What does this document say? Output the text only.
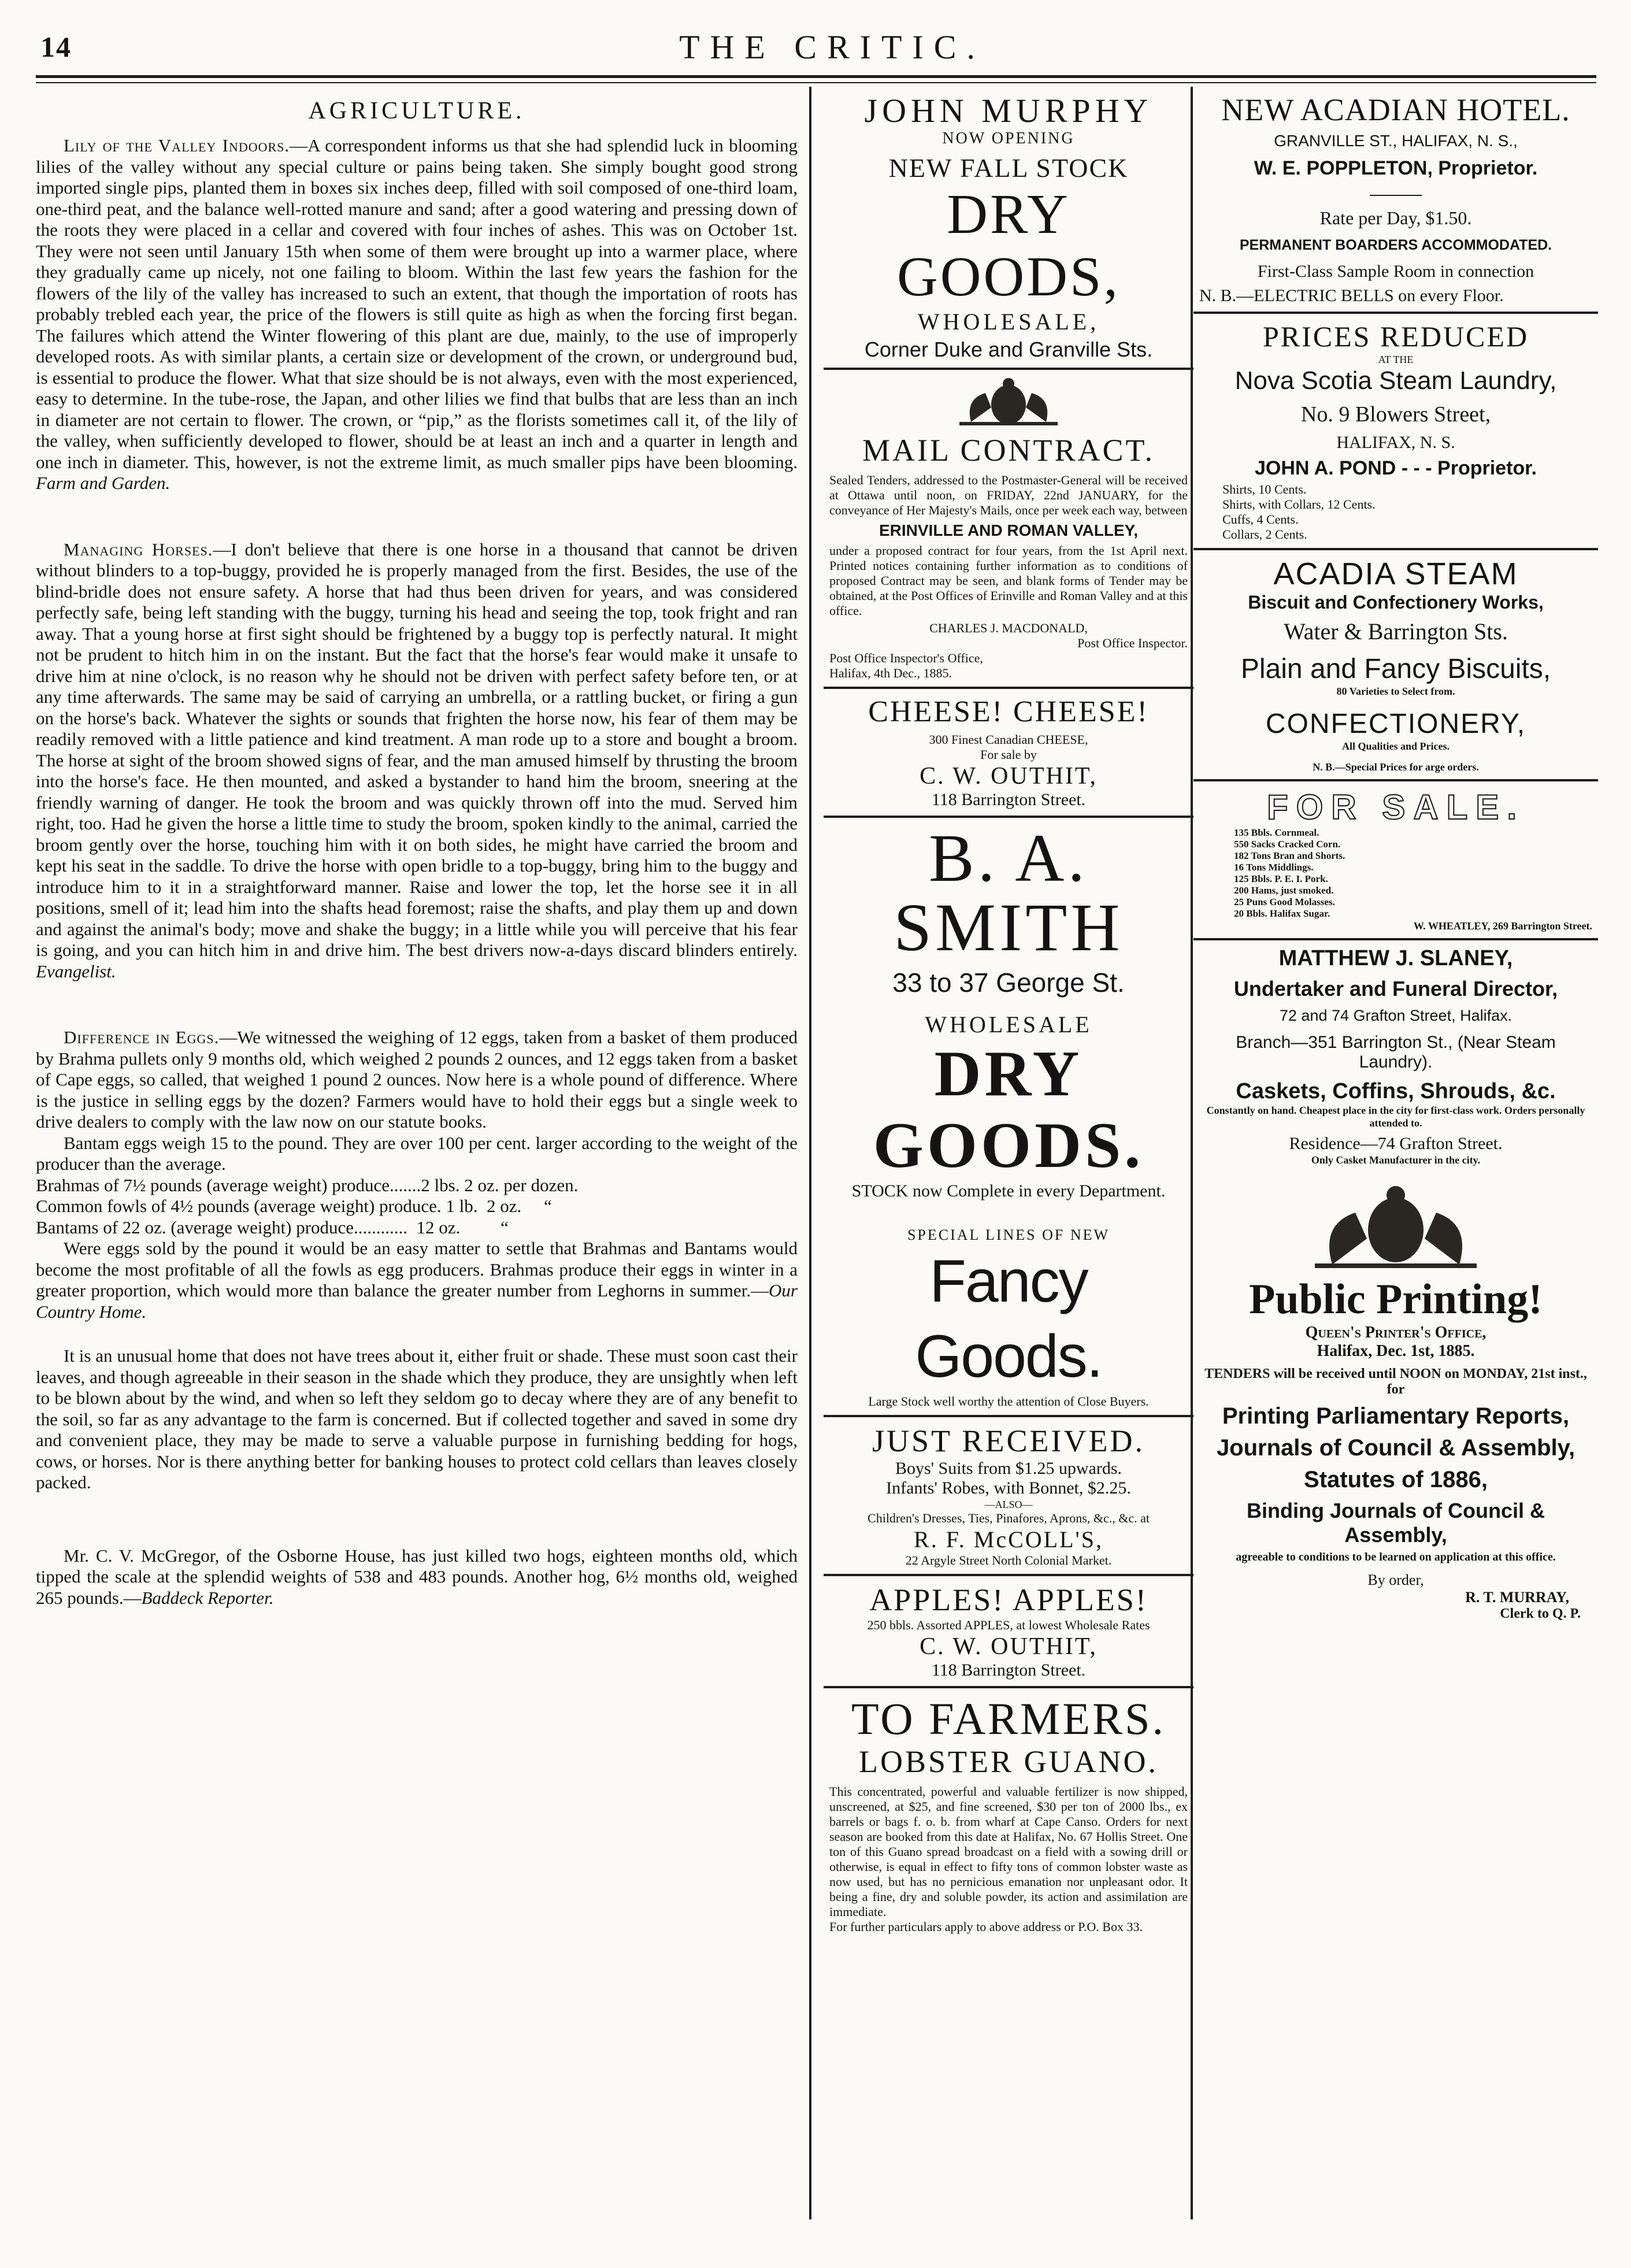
14	THE CRITIC.
AGRICULTURE.

Lily of the Valley Indoors.—A correspondent informs us that she had splendid luck in blooming lilies of the valley without any special culture or pains being taken. She simply bought good strong imported single pips, planted them in boxes six inches deep, filled with soil composed of one-third loam, one-third peat, and the balance well-rotted manure and sand; after a good watering and pressing down of the roots they were placed in a cellar and covered with four inches of ashes. This was on October 1st. They were not seen until January 15th when some of them were brought up into a warmer place, where they gradually came up nicely, not one failing to bloom. Within the last few years the fashion for the flowers of the lily of the valley has increased to such an extent, that though the importation of roots has probably trebled each year, the price of the flowers is still quite as high as when the forcing first began. The failures which attend the Winter flowering of this plant are due, mainly, to the use of improperly developed roots. As with similar plants, a certain size or development of the crown, or underground bud, is essential to produce the flower. What that size should be is not always, even with the most experienced, easy to determine. In the tube-rose, the Japan, and other lilies we find that bulbs that are less than an inch in diameter are not certain to flower. The crown, or “pip,” as the florists sometimes call it, of the lily of the valley, when sufficiently developed to flower, should be at least an inch and a quarter in length and one inch in diameter. This, however, is not the extreme limit, as much smaller pips have been blooming. Farm and Garden.

Managing Horses.—I don't believe that there is one horse in a thousand that cannot be driven without blinders to a top-buggy, provided he is properly managed from the first. Besides, the use of the blind-bridle does not ensure safety. A horse that had thus been driven for years, and was considered perfectly safe, being left standing with the buggy, turning his head and seeing the top, took fright and ran away. That a young horse at first sight should be frightened by a buggy top is perfectly natural. It might not be prudent to hitch him in on the instant. But the fact that the horse's fear would make it unsafe to drive him at nine o'clock, is no reason why he should not be driven with perfect safety before ten, or at any time afterwards. The same may be said of carrying an umbrella, or a rattling bucket, or firing a gun on the horse's back. Whatever the sights or sounds that frighten the horse now, his fear of them may be readily removed with a little patience and kind treatment. A man rode up to a store and bought a broom. The horse at sight of the broom showed signs of fear, and the man amused himself by thrusting the broom into the horse's face. He then mounted, and asked a bystander to hand him the broom, sneering at the friendly warning of danger. He took the broom and was quickly thrown off into the mud. Served him right, too. Had he given the horse a little time to study the broom, spoken kindly to the animal, carried the broom gently over the horse, touching him with it on both sides, he might have carried the broom and kept his seat in the saddle. To drive the horse with open bridle to a top-buggy, bring him to the buggy and introduce him to it in a straightforward manner. Raise and lower the top, let the horse see it in all positions, smell of it; lead him into the shafts head foremost; raise the shafts, and play them up and down and against the animal's body; move and shake the buggy; in a little while you will perceive that his fear is going, and you can hitch him in and drive him. The best drivers now-a-days discard blinders entirely. Evangelist.

Difference in Eggs.—We witnessed the weighing of 12 eggs, taken from a basket of them produced by Brahma pullets only 9 months old, which weighed 2 pounds 2 ounces, and 12 eggs taken from a basket of Cape eggs, so called, that weighed 1 pound 2 ounces. Now here is a whole pound of difference. Where is the justice in selling eggs by the dozen? Farmers would have to hold their eggs but a single week to drive dealers to comply with the law now on our statute books.

Bantam eggs weigh 15 to the pound. They are over 100 per cent. larger according to the weight of the producer than the average.

Brahmas of 7½ pounds (average weight) produce.......2 lbs. 2 oz. per dozen.
Common fowls of 4½ pounds (average weight) produce. 1 lb.  2 oz.     “
Bantams of 22 oz. (average weight) produce............  12 oz.         “

Were eggs sold by the pound it would be an easy matter to settle that Brahmas and Bantams would become the most profitable of all the fowls as egg producers. Brahmas produce their eggs in winter in a greater proportion, which would more than balance the greater number from Leghorns in summer.—Our Country Home.

It is an unusual home that does not have trees about it, either fruit or shade. These must soon cast their leaves, and though agreeable in their season in the shade which they produce, they are unsightly when left to be blown about by the wind, and when so left they seldom go to decay where they are of any benefit to the soil, so far as any advantage to the farm is concerned. But if collected together and saved in some dry and convenient place, they may be made to serve a valuable purpose in furnishing bedding for hogs, cows, or horses. Nor is there anything better for banking houses to protect cold cellars than leaves closely packed.

Mr. C. V. McGregor, of the Osborne House, has just killed two hogs, eighteen months old, which tipped the scale at the splendid weights of 538 and 483 pounds. Another hog, 6½ months old, weighed 265 pounds.—Baddeck Reporter.

JOHN MURPHY
NOW OPENING
NEW FALL STOCK
DRY GOODS,
WHOLESALE,
Corner Duke and Granville Sts.
MAIL CONTRACT.
Sealed Tenders, addressed to the Postmaster-General will be received at Ottawa until noon, on FRIDAY, 22nd JANUARY, for the conveyance of Her Majesty's Mails, once per week each way, between
ERINVILLE AND ROMAN VALLEY,
under a proposed contract for four years, from the 1st April next. Printed notices containing further information as to conditions of proposed Contract may be seen, and blank forms of Tender may be obtained, at the Post Offices of Erinville and Roman Valley and at this office.
CHARLES J. MACDONALD,
Post Office Inspector.
Post Office Inspector's Office,
Halifax, 4th Dec., 1885.
CHEESE! CHEESE!
300 Finest Canadian CHEESE,
For sale by
C. W. OUTHIT,
118 Barrington Street.
B. A. SMITH
33 to 37 George St.
WHOLESALE
DRY GOODS.
STOCK now Complete in every Department.
SPECIAL LINES OF NEW
Fancy Goods.
Large Stock well worthy the attention of Close Buyers.
JUST RECEIVED.
Boys' Suits from $1.25 upwards.
Infants' Robes, with Bonnet, $2.25.
—ALSO—
Children's Dresses, Ties, Pinafores, Aprons, &c., &c. at
R. F. McCOLL'S,
22 Argyle Street North Colonial Market.
APPLES! APPLES!
250 bbls. Assorted APPLES, at lowest Wholesale Rates
C. W. OUTHIT,
118 Barrington Street.
TO FARMERS.
LOBSTER GUANO.
This concentrated, powerful and valuable fertilizer is now shipped, unscreened, at $25, and fine screened, $30 per ton of 2000 lbs., ex barrels or bags f. o. b. from wharf at Cape Canso. Orders for next season are booked from this date at Halifax, No. 67 Hollis Street. One ton of this Guano spread broadcast on a field with a sowing drill or otherwise, is equal in effect to fifty tons of common lobster waste as now used, but has no pernicious emanation nor unpleasant odor. It being a fine, dry and soluble powder, its action and assimilation are immediate.
For further particulars apply to above address or P.O. Box 33.
NEW ACADIAN HOTEL.
GRANVILLE ST., HALIFAX, N. S.,
W. E. POPPLETON, Proprietor.
Rate per Day, $1.50.
PERMANENT BOARDERS ACCOMMODATED.
First-Class Sample Room in connection
N. B.—ELECTRIC BELLS on every Floor.
PRICES REDUCED
AT THE
Nova Scotia Steam Laundry,
No. 9 Blowers Street,
HALIFAX, N. S.
JOHN A. POND - - - Proprietor.
Shirts, 10 Cents.
Shirts, with Collars, 12 Cents.
Cuffs, 4 Cents.
Collars, 2 Cents.
ACADIA STEAM
Biscuit and Confectionery Works,
Water & Barrington Sts.
Plain and Fancy Biscuits,
80 Varieties to Select from.
CONFECTIONERY,
All Qualities and Prices.
N. B.—Special Prices for arge orders.
FOR SALE.
135 Bbls. Cornmeal.
550 Sacks Cracked Corn.
182 Tons Bran and Shorts.
16 Tons Middlings.
125 Bbls. P. E. I. Pork.
200 Hams, just smoked.
25 Puns Good Molasses.
20 Bbls. Halifax Sugar.
W. WHEATLEY, 269 Barrington Street.
MATTHEW J. SLANEY,
Undertaker and Funeral Director,
72 and 74 Grafton Street, Halifax.
Branch—351 Barrington St., (Near Steam Laundry).
Caskets, Coffins, Shrouds, &c.
Constantly on hand. Cheapest place in the city for first-class work. Orders personally attended to.
Residence—74 Grafton Street.
Only Casket Manufacturer in the city.
Public Printing!
Queen's Printer's Office,
Halifax, Dec. 1st, 1885.
TENDERS will be received until NOON on MONDAY, 21st inst., for
Printing Parliamentary Reports,
Journals of Council & Assembly,
Statutes of 1886,
Binding Journals of Council & Assembly,
agreeable to conditions to be learned on application at this office.
By order,
R. T. MURRAY,
Clerk to Q. P.
